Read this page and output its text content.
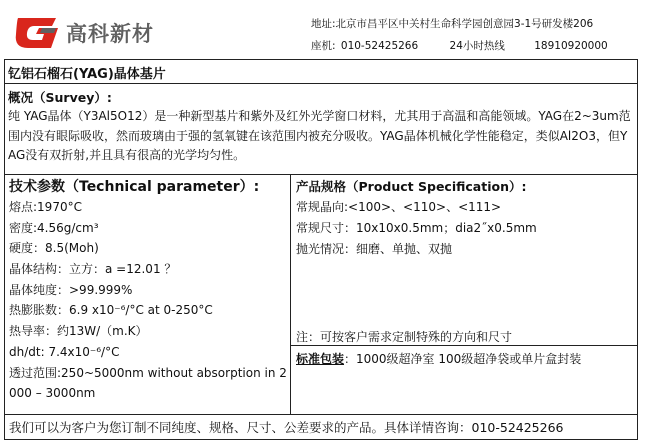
高科新材	地址:北京市昌平区中关村生命科学园创意园3-1号研发楼206
座机: 010-52425266	24小时热线	18910920000
钇铝石榴石(YAG)晶体基片
概况（Survey）:
纯 YAG晶体（Y3Al5O12）是一种新型基片和紫外及红外光学窗口材料，尤其用于高温和高能领域。YAG在2~3um范围内没有眼际吸收，然而玻璃由于强的氢氧键在该范围内被充分吸收。YAG晶体机械化学性能稳定，类似Al2O3，但YAG没有双折射,并且具有很高的光学均匀性。
技术参数（Technical parameter）:
熔点:1970°C
密度:4.56g/cm³
硬度：8.5(Moh)
晶体结构：立方：a =12.01 ？
晶体纯度：>99.999%
热膨胀数：6.9 x10⁻⁶/°C at 0-250°C
热导率：约13W/（m.K）
dh/dt: 7.4x10⁻⁶/°C
透过范围:250~5000nm without absorption in 2000 – 3000nm
产品规格（Product Specification）:
常规晶向:<100>、<110>、<111>
常规尺寸：10x10x0.5mm；dia2˝x0.5mm
抛光情况：细磨、单抛、双抛
注：可按客户需求定制特殊的方向和尺寸
标准包装：1000级超净室 100级超净袋或单片盒封装
我们可以为客户为您订制不同纯度、规格、尺寸、公差要求的产品。具体详情咨询：010-52425266
